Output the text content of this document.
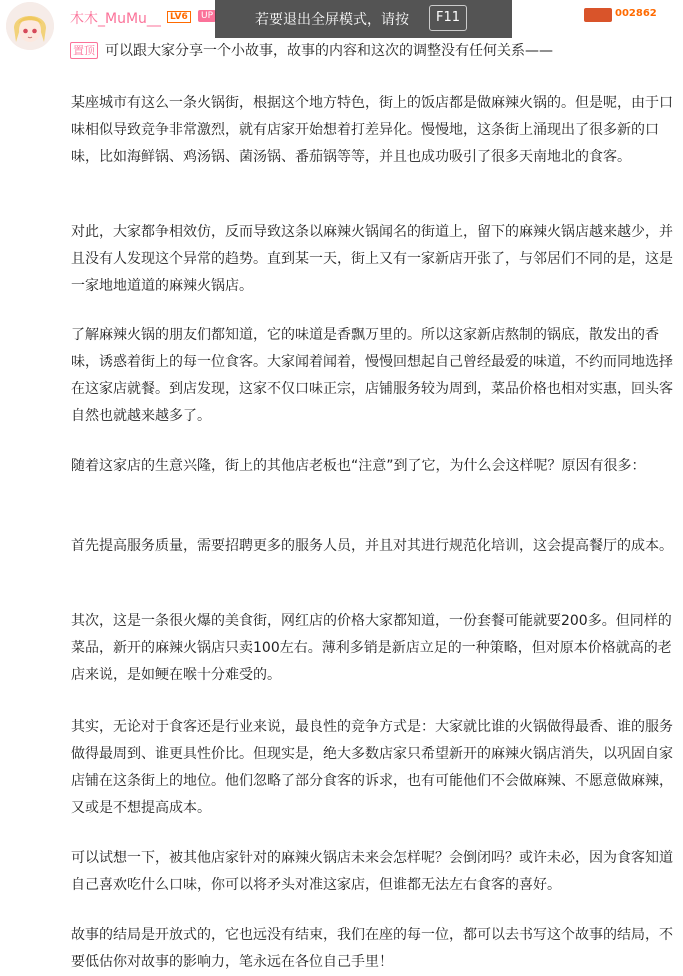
木木_MuMu__	LV6	UP	若要退出全屏模式，请按	F11	002862
置顶 可以跟大家分享一个小故事，故事的内容和这次的调整没有任何关系——

某座城市有这么一条火锅街，根据这个地方特色，街上的饭店都是做麻辣火锅的。但是呢，由于口味相似导致竞争非常激烈，就有店家开始想着打差异化。慢慢地，这条街上涌现出了很多新的口味，比如海鲜锅、鸡汤锅、菌汤锅、番茄锅等等，并且也成功吸引了很多天南地北的食客。

对此，大家都争相效仿，反而导致这条以麻辣火锅闻名的街道上，留下的麻辣火锅店越来越少，并且没有人发现这个异常的趋势。直到某一天，街上又有一家新店开张了，与邻居们不同的是，这是一家地地道道的麻辣火锅店。

了解麻辣火锅的朋友们都知道，它的味道是香飘万里的。所以这家新店熬制的锅底，散发出的香味，诱惑着街上的每一位食客。大家闻着闻着，慢慢回想起自己曾经最爱的味道，不约而同地选择在这家店就餐。到店发现，这家不仅口味正宗，店铺服务较为周到，菜品价格也相对实惠，回头客自然也就越来越多了。

随着这家店的生意兴隆，街上的其他店老板也“注意”到了它，为什么会这样呢？原因有很多：

首先提高服务质量，需要招聘更多的服务人员，并且对其进行规范化培训，这会提高餐厅的成本。

其次，这是一条很火爆的美食街，网红店的价格大家都知道，一份套餐可能就要200多。但同样的菜品，新开的麻辣火锅店只卖100左右。薄利多销是新店立足的一种策略，但对原本价格就高的老店来说，是如鲠在喉十分难受的。

其实，无论对于食客还是行业来说，最良性的竞争方式是：大家就比谁的火锅做得最香、谁的服务做得最周到、谁更具性价比。但现实是，绝大多数店家只希望新开的麻辣火锅店消失，以巩固自家店铺在这条街上的地位。他们忽略了部分食客的诉求，也有可能他们不会做麻辣、不愿意做麻辣，又或是不想提高成本。

可以试想一下，被其他店家针对的麻辣火锅店未来会怎样呢？会倒闭吗？或许未必，因为食客知道自己喜欢吃什么口味，你可以将矛头对准这家店，但谁都无法左右食客的喜好。

故事的结局是开放式的，它也远没有结束，我们在座的每一位，都可以去书写这个故事的结局，不要低估你对故事的影响力，笔永远在各位自己手里！
